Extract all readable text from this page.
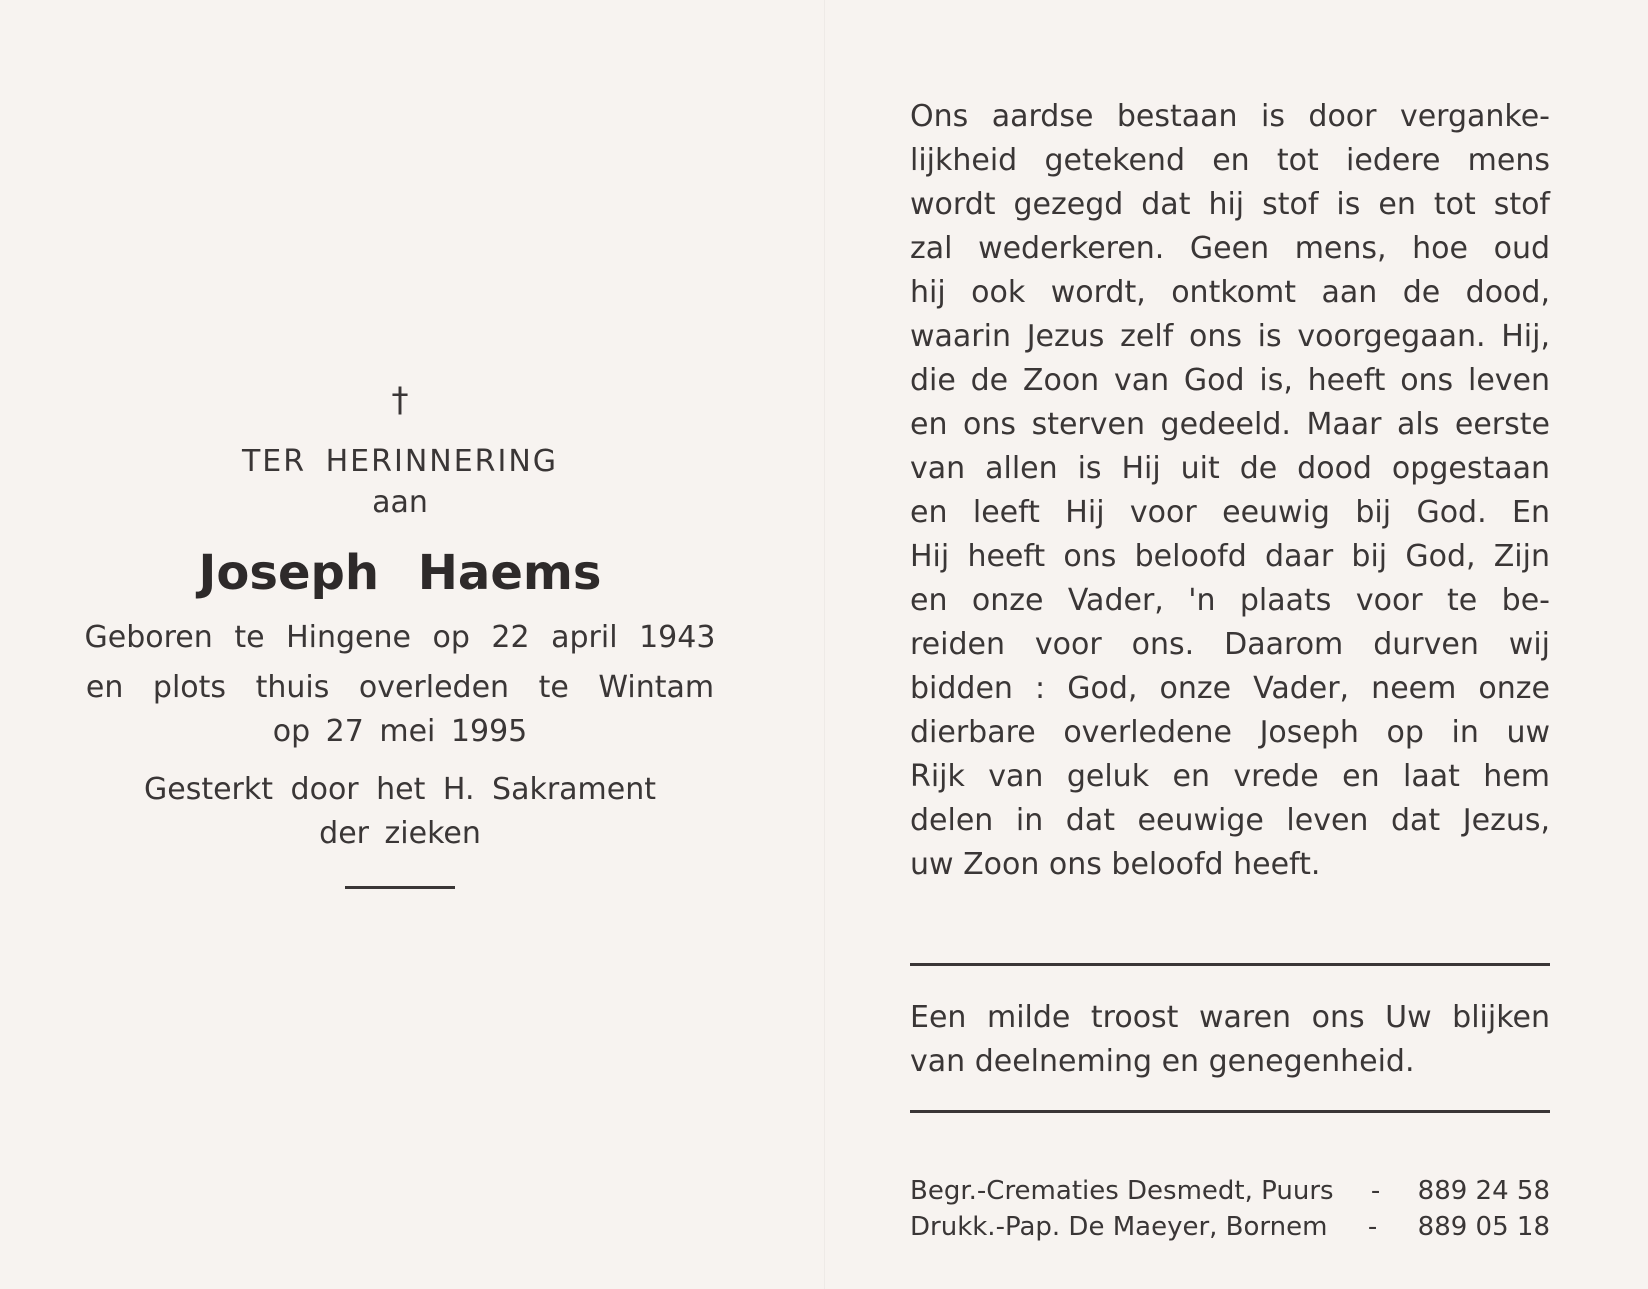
†
TER HERINNERING
aan
Joseph Haems
Geboren te Hingene op 22 april 1943
en plots thuis overleden te Wintam
op 27 mei 1995
Gesterkt door het H. Sakrament
der zieken
Ons aardse bestaan is door verganke-
lijkheid getekend en tot iedere mens
wordt gezegd dat hij stof is en tot stof
zal wederkeren. Geen mens, hoe oud
hij ook wordt, ontkomt aan de dood,
waarin Jezus zelf ons is voorgegaan. Hij,
die de Zoon van God is, heeft ons leven
en ons sterven gedeeld. Maar als eerste
van allen is Hij uit de dood opgestaan
en leeft Hij voor eeuwig bij God. En
Hij heeft ons beloofd daar bij God, Zijn
en onze Vader, 'n plaats voor te be-
reiden voor ons. Daarom durven wij
bidden : God, onze Vader, neem onze
dierbare overledene Joseph op in uw
Rijk van geluk en vrede en laat hem
delen in dat eeuwige leven dat Jezus,
uw Zoon ons beloofd heeft.
Een milde troost waren ons Uw blijken
van deelneming en genegenheid.
Begr.-Crematies Desmedt, Puurs - 889 24 58
Drukk.-Pap. De Maeyer, Bornem - 889 05 18
